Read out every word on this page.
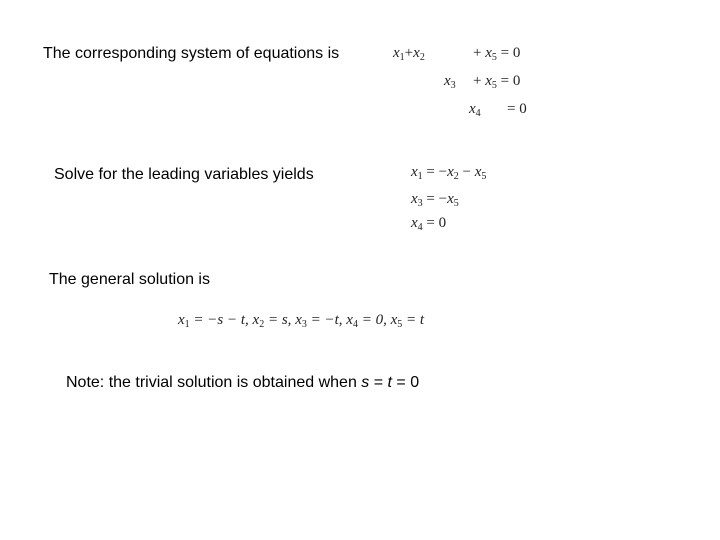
The corresponding system of equations is	$x_1+x_2$	+ $x_5 = 0$
$x_3 + x_5 = 0$
$x_4 = 0$
Solve for the leading variables yields	$x_1 = -x_2 - x_5$
$x_3 = -x_5$
$x_4 = 0$
The general solution is
$x_1 = -s - t$, $x_2 = s$, $x_3 = -t$, $x_4 = 0$, $x_5 = t$
Note: the trivial solution is obtained when s = t = 0
